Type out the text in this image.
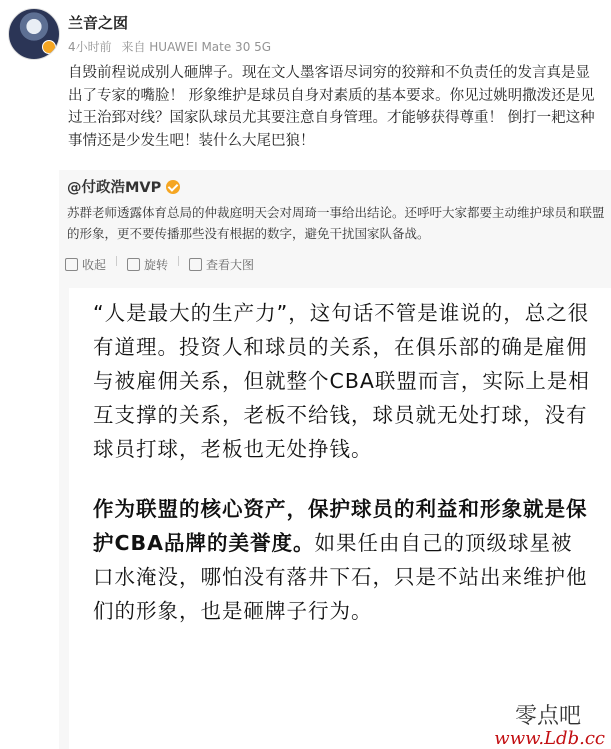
兰音之囡
4小时前 来自 HUAWEI Mate 30 5G
自毁前程说成别人砸牌子。现在文人墨客语尽词穷的狡辩和不负责任的发言真是显出了专家的嘴脸！ 形象维护是球员自身对素质的基本要求。你见过姚明撒泼还是见过王治郅对线？国家队球员尤其要注意自身管理。才能够获得尊重！ 倒打一耙这种事情还是少发生吧！装什么大尾巴狼！
@付政浩MVP
苏群老师透露体育总局的仲裁庭明天会对周琦一事给出结论。还呼吁大家都要主动维护球员和联盟的形象，更不要传播那些没有根据的数字，避免干扰国家队备战。
收起	旋转	查看大图

“人是最大的生产力”，这句话不管是谁说的，总之很有道理。投资人和球员的关系，在俱乐部的确是雇佣与被雇佣关系，但就整个CBA联盟而言，实际上是相互支撑的关系，老板不给钱，球员就无处打球，没有球员打球，老板也无处挣钱。

作为联盟的核心资产，保护球员的利益和形象就是保护CBA品牌的美誉度。如果任由自己的顶级球星被口水淹没，哪怕没有落井下石，只是不站出来维护他们的形象，也是砸牌子行为。

零点吧
www.Ldb.cc
